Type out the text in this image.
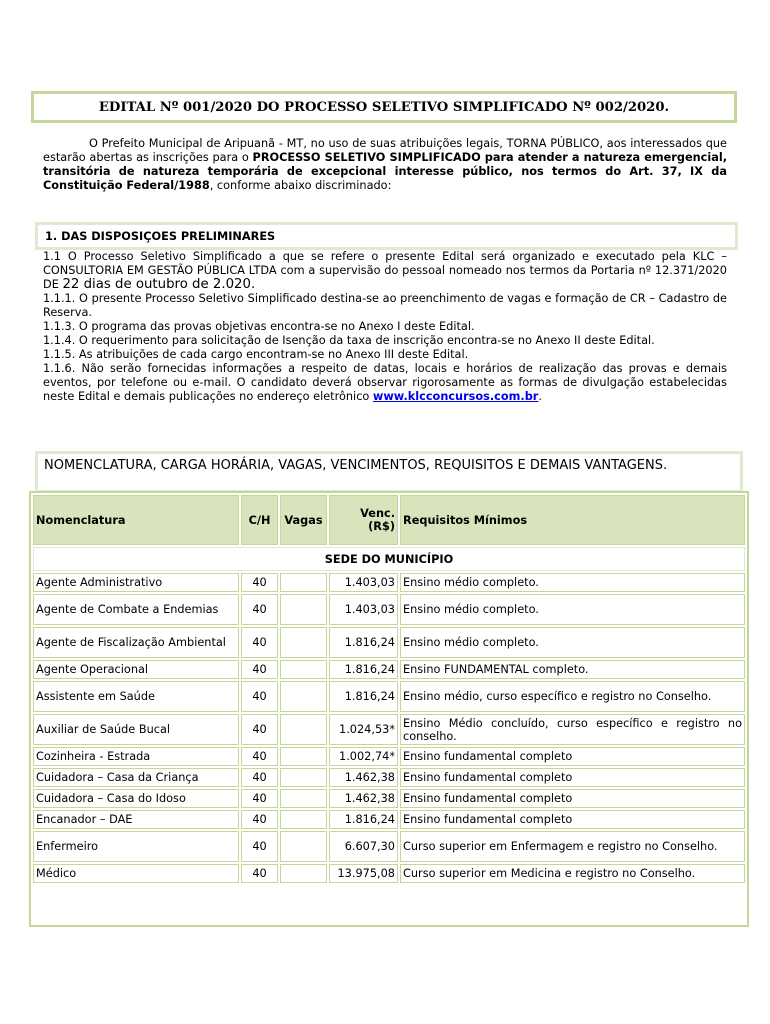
EDITAL Nº 001/2020 DO PROCESSO SELETIVO SIMPLIFICADO Nº 002/2020.

O Prefeito Municipal de Aripuanã - MT, no uso de suas atribuições legais, TORNA PÚBLICO, aos interessados que estarão abertas as inscrições para o PROCESSO SELETIVO SIMPLIFICADO para atender a natureza emergencial, transitória de natureza temporária de excepcional interesse público, nos termos do Art. 37, IX da Constituição Federal/1988, conforme abaixo discriminado:

1. DAS DISPOSIÇOES PRELIMINARES
1.1 O Processo Seletivo Simplificado a que se refere o presente Edital será organizado e executado pela KLC – CONSULTORIA EM GESTÃO PÚBLICA LTDA com a supervisão do pessoal nomeado nos termos da Portaria nº 12.371/2020 DE 22 dias de outubro de 2.020.
1.1.1. O presente Processo Seletivo Simplificado destina-se ao preenchimento de vagas e formação de CR – Cadastro de Reserva.
1.1.3. O programa das provas objetivas encontra-se no Anexo I deste Edital.
1.1.4. O requerimento para solicitação de Isenção da taxa de inscrição encontra-se no Anexo II deste Edital.
1.1.5. As atribuições de cada cargo encontram-se no Anexo III deste Edital.
1.1.6. Não serão fornecidas informações a respeito de datas, locais e horários de realização das provas e demais eventos, por telefone ou e-mail. O candidato deverá observar rigorosamente as formas de divulgação estabelecidas neste Edital e demais publicações no endereço eletrônico www.klcconcursos.com.br.
NOMENCLATURA, CARGA HORÁRIA, VAGAS, VENCIMENTOS, REQUISITOS E DEMAIS VANTAGENS.
Nomenclatura	C/H	Vagas	Venc. (R$)	Requisitos Mínimos
SEDE DO MUNICÍPIO				
Agente Administrativo	40		1.403,03	Ensino médio completo.
Agente de Combate a Endemias	40		1.403,03	Ensino médio completo.
Agente de Fiscalização Ambiental	40		1.816,24	Ensino médio completo.
Agente Operacional	40		1.816,24	Ensino FUNDAMENTAL completo.
Assistente em Saúde	40		1.816,24	Ensino médio, curso específico e registro no Conselho.
Auxiliar de Saúde Bucal	40		1.024,53*	Ensino Médio concluído, curso específico e registro no conselho.
Cozinheira - Estrada	40		1.002,74*	Ensino fundamental completo
Cuidadora – Casa da Criança	40		1.462,38	Ensino fundamental completo
Cuidadora – Casa do Idoso	40		1.462,38	Ensino fundamental completo
Encanador – DAE	40		1.816,24	Ensino fundamental completo
Enfermeiro	40		6.607,30	Curso superior em Enfermagem e registro no Conselho.
Médico	40		13.975,08	Curso superior em Medicina e registro no Conselho.
